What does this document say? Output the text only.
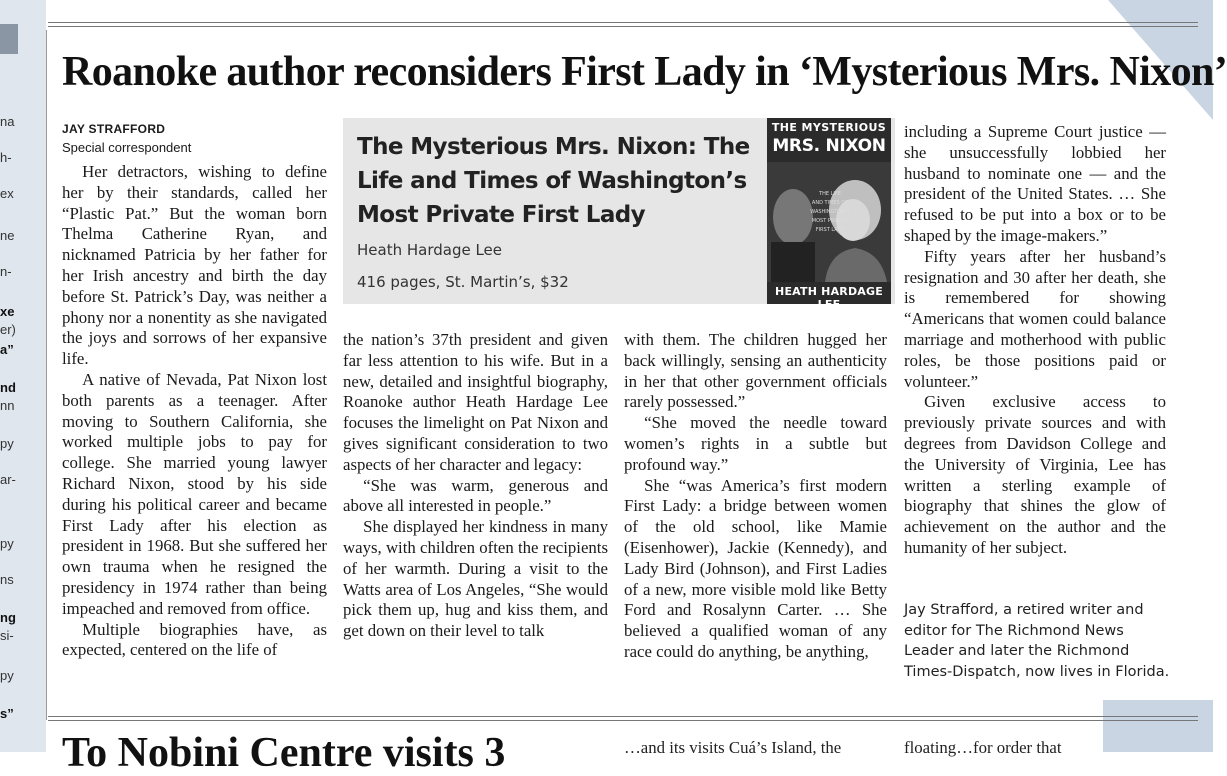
na
h-
ex
ne
n-
xe
er)
a”
nd
nn
py
ar-
py
ns
ng
si-
py
s”
Roanoke author reconsiders First Lady in ‘Mysterious Mrs. Nixon’
JAY STRAFFORD
Special correspondent

Her detractors, wishing to define her by their standards, called her “Plastic Pat.” But the woman born Thelma Catherine Ryan, and nicknamed Patricia by her father for her Irish ancestry and birth the day before St. Patrick’s Day, was neither a phony nor a nonentity as she navigated the joys and sorrows of her expansive life.

A native of Nevada, Pat Nixon lost both parents as a teenager. After moving to Southern California, she worked multiple jobs to pay for college. She married young lawyer Richard Nixon, stood by his side during his political career and became First Lady after his election as president in 1968. But she suffered her own trauma when he resigned the presidency in 1974 rather than being impeached and removed from office.

Multiple biographies have, as expected, centered on the life of

The Mysterious Mrs. Nixon: The Life and Times of Washington’s Most Private First Lady
Heath Hardage Lee
416 pages, St. Martin’s, $32
THE MYSTERIOUS
MRS. NIXON
THE LIFE
AND TIMES OF
WASHINGTON’S
MOST PRIVATE
FIRST LADY
HEATH HARDAGE LEE

the nation’s 37th president and given far less attention to his wife. But in a new, detailed and insightful biography, Roanoke author Heath Hardage Lee focuses the limelight on Pat Nixon and gives significant consideration to two aspects of her character and legacy:

“She was warm, generous and above all interested in people.”

She displayed her kindness in many ways, with children often the recipients of her warmth. During a visit to the Watts area of Los Angeles, “She would pick them up, hug and kiss them, and get down on their level to talk

with them. The children hugged her back willingly, sensing an authenticity in her that other government officials rarely possessed.”

“She moved the needle toward women’s rights in a subtle but profound way.”

She “was America’s first modern First Lady: a bridge between women of the old school, like Mamie (Eisenhower), Jackie (Kennedy), and Lady Bird (Johnson), and First Ladies of a new, more visible mold like Betty Ford and Rosalynn Carter. … She believed a qualified woman of any race could do anything, be anything,

including a Supreme Court justice — she unsuccessfully lobbied her husband to nominate one — and the president of the United States. … She refused to be put into a box or to be shaped by the image-makers.”

Fifty years after her husband’s resignation and 30 after her death, she is remembered for showing “Americans that women could balance marriage and motherhood with public roles, be those positions paid or volunteer.”

Given exclusive access to previously private sources and with degrees from Davidson College and the University of Virginia, Lee has written a sterling example of biography that shines the glow of achievement on the author and the humanity of her subject.

Jay Strafford, a retired writer and editor for The Richmond News Leader and later the Richmond Times-Dispatch, now lives in Florida.
To Nobini Centre visits 3	…and its visits Cuá’s Island, the	floating…for order that
